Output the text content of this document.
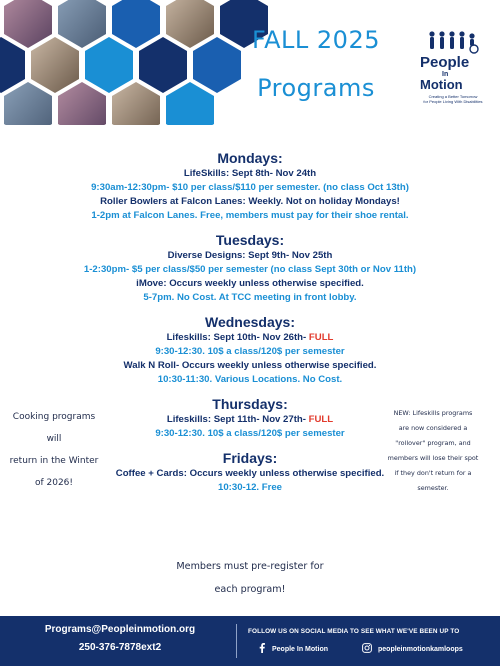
FALL 2025
Programs
People
In
Motion
Creating a Better Tomorrow
for People Living With Disabilities

Mondays:

LifeSkills: Sept 8th- Nov 24th

9:30am-12:30pm- $10 per class/$110 per semester. (no class Oct 13th)

Roller Bowlers at Falcon Lanes: Weekly. Not on holiday Mondays!

1-2pm at Falcon Lanes. Free, members must pay for their shoe rental.

Tuesdays:

Diverse Designs: Sept 9th- Nov 25th

1-2:30pm- $5 per class/$50 per semester (no class Sept 30th or Nov 11th)

iMove: Occurs weekly unless otherwise specified.

5-7pm. No Cost. At TCC meeting in front lobby.

Wednesdays:

Lifeskills: Sept 10th- Nov 26th- FULL

9:30-12:30. 10$ a class/120$ per semester

Walk N Roll- Occurs weekly unless otherwise specified.

10:30-11:30. Various Locations. No Cost.

Thursdays:

Lifeskills: Sept 11th- Nov 27th- FULL

9:30-12:30. 10$ a class/120$ per semester

Fridays:

Coffee + Cards: Occurs weekly unless otherwise specified.

10:30-12. Free

Cooking programs will
return in the Winter
of 2026!
NEW: Lifeskills programs
are now considered a
"rollover" program, and
members will lose their spot
if they don't return for a
semester.
Members must pre-register for
each program!
Programs@Peopleinmotion.org
250-376-7878ext2
FOLLOW US ON SOCIAL MEDIA TO SEE WHAT WE'VE BEEN UP TO
People In Motion	peopleinmotionkamloops
